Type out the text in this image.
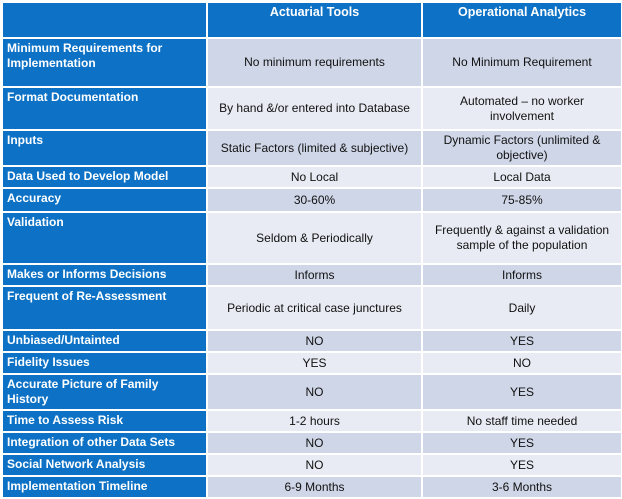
	Actuarial Tools	Operational Analytics
Minimum Requirements for Implementation	No minimum requirements	No Minimum Requirement
Format Documentation	By hand &/or entered into Database	Automated – no worker involvement
Inputs	Static Factors (limited & subjective)	Dynamic Factors (unlimited & objective)
Data Used to Develop Model	No Local	Local Data
Accuracy	30-60%	75-85%
Validation	Seldom & Periodically	Frequently & against a validation sample of the population
Makes or Informs Decisions	Informs	Informs
Frequent of Re-Assessment	Periodic at critical case junctures	Daily
Unbiased/Untainted	NO	YES
Fidelity Issues	YES	NO
Accurate Picture of Family History	NO	YES
Time to Assess Risk	1-2 hours	No staff time needed
Integration of other Data Sets	NO	YES
Social Network Analysis	NO	YES
Implementation Timeline	6-9 Months	3-6 Months
